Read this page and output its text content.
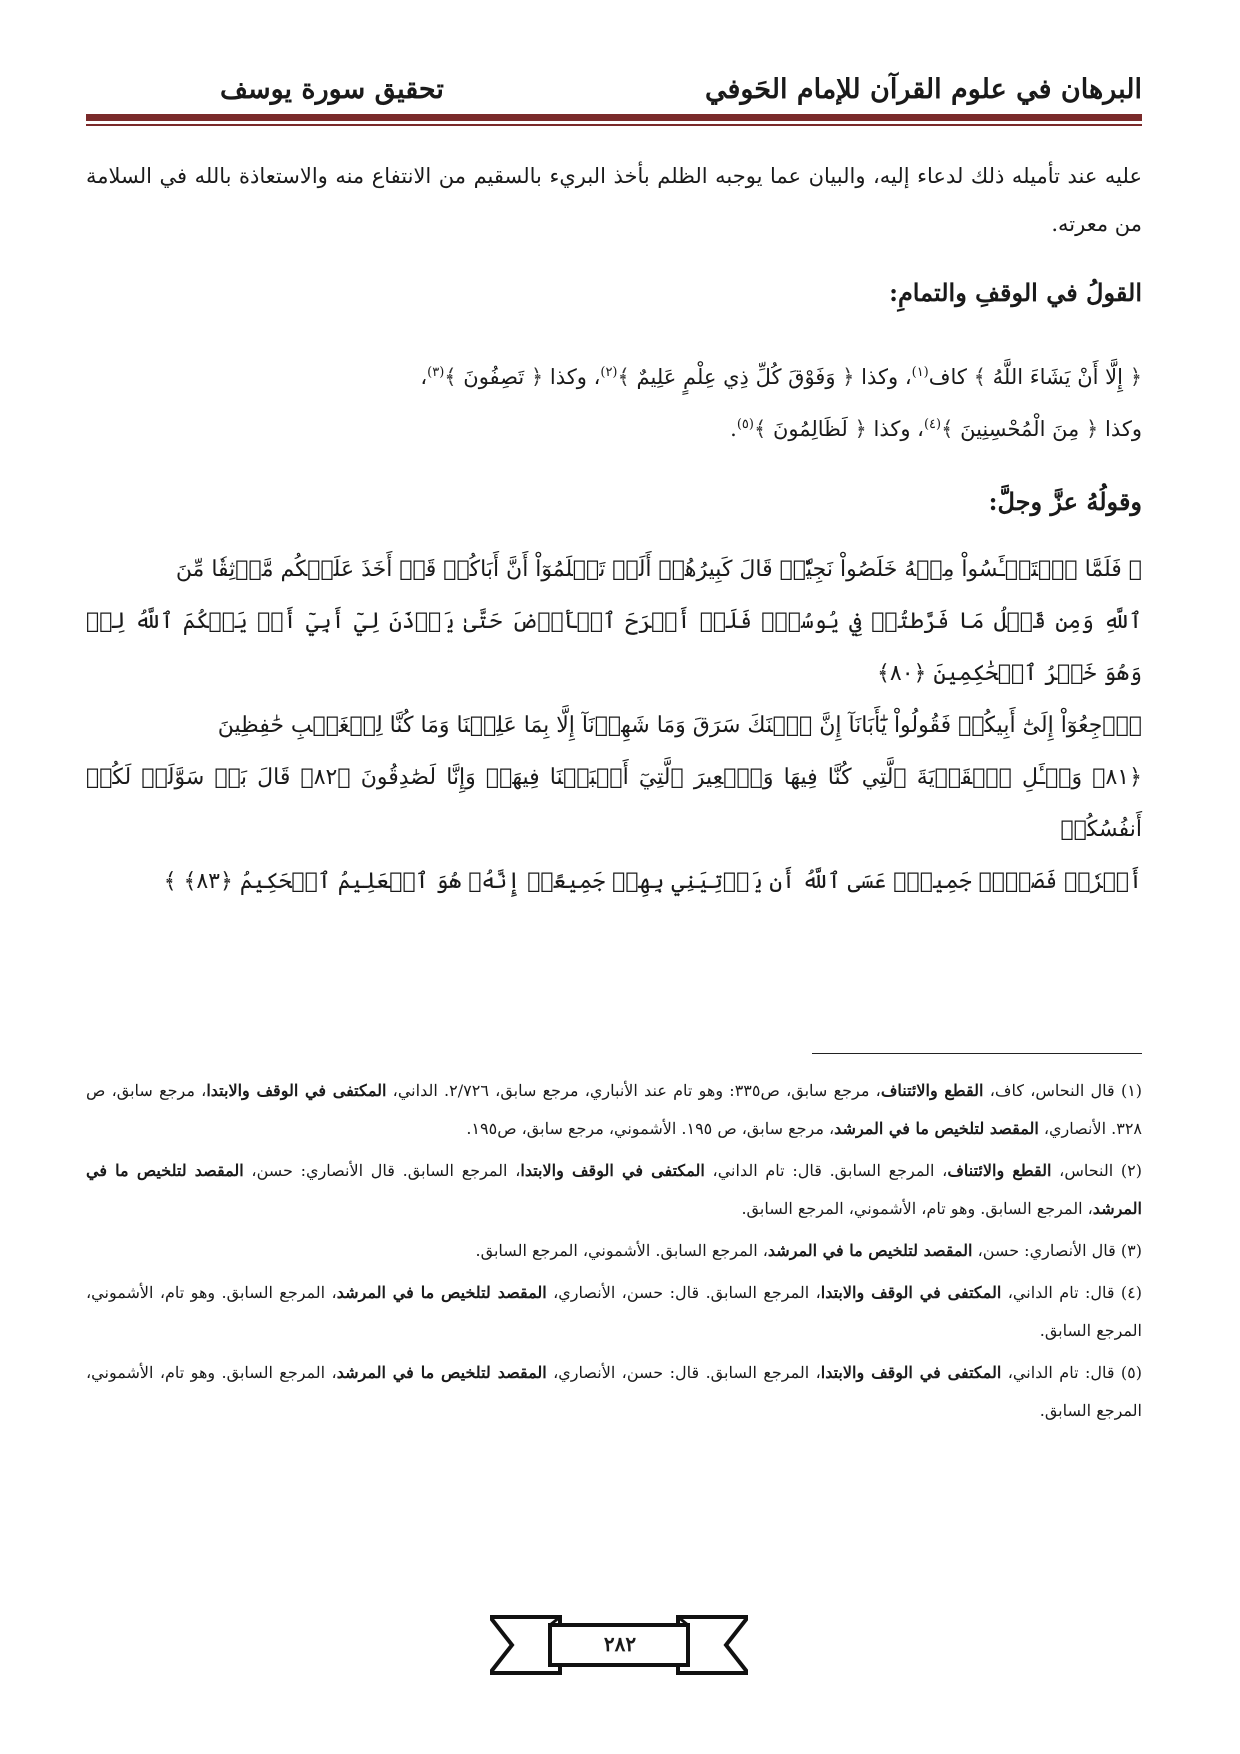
البرهان في علوم القرآن للإمام الحَوفي
تحقيق سورة يوسف

عليه عند تأميله ذلك لدعاء إليه، والبيان عما يوجبه الظلم بأخذ البريء بالسقيم من الانتفاع منه والاستعاذة بالله في السلامة من معرته.

القولُ في الوقفِ والتمامِ:

﴿ إِلَّا أَنْ يَشَاءَ اللَّهُ ﴾ كاف$^{(١)}$، وكذا ﴿ وَفَوْقَ كُلِّ ذِي عِلْمٍ عَلِيمٌ ﴾$^{(٢)}$، وكذا ﴿ تَصِفُونَ ﴾$^{(٣)}$،
وكذا ﴿ مِنَ الْمُحْسِنِينَ ﴾$^{(٤)}$، وكذا ﴿ لَظَالِمُونَ ﴾$^{(٥)}$.

وقولُهُ عزَّ وجلَّ:
﴿ فَلَمَّا ٱسۡتَيۡـَٔسُواْ مِنۡهُ خَلَصُواْ نَجِيّٗاۖ قَالَ كَبِيرُهُمۡ أَلَمۡ تَعۡلَمُوٓاْ أَنَّ أَبَاكُمۡ قَدۡ أَخَذَ عَلَيۡكُم مَّوۡثِقٗا مِّنَ
ٱللَّهِ وَمِن قَبۡلُ مَا فَرَّطتُمۡ فِي يُوسُفَۖ فَلَنۡ أَبۡرَحَ ٱلۡأَرۡضَ حَتَّىٰ يَأۡذَنَ لِيٓ أَبِيٓ أَوۡ يَحۡكُمَ ٱللَّهُ لِيۖ وَهُوَ خَيۡرُ ٱلۡحَٰكِمِينَ ﴿٨٠﴾
ٱرۡجِعُوٓاْ إِلَىٰٓ أَبِيكُمۡ فَقُولُواْ يَٰٓأَبَانَآ إِنَّ ٱبۡنَكَ سَرَقَ وَمَا شَهِدۡنَآ إِلَّا بِمَا عَلِمۡنَا وَمَا كُنَّا لِلۡغَيۡبِ حَٰفِظِينَ
﴿٨١﴾ وَسۡـَٔلِ ٱلۡقَرۡيَةَ ٱلَّتِي كُنَّا فِيهَا وَٱلۡعِيرَ ٱلَّتِيٓ أَقۡبَلۡنَا فِيهَاۖ وَإِنَّا لَصَٰدِقُونَ ﴿٨٢﴾ قَالَ بَلۡ سَوَّلَتۡ لَكُمۡ أَنفُسُكُمۡ
أَمۡرٗاۖ فَصَبۡرٞ جَمِيلٌۖ عَسَى ٱللَّهُ أَن يَأۡتِيَنِي بِهِمۡ جَمِيعًاۚ إِنَّهُۥ هُوَ ٱلۡعَلِيمُ ٱلۡحَكِيمُ ﴿٨٣﴾ ﴾

(١) قال النحاس، كاف، القطع والائتناف، مرجع سابق، ص٣٣٥: وهو تام عند الأنباري، مرجع سابق، ٢/٧٢٦. الداني، المكتفى في الوقف والابتدا، مرجع سابق، ص ٣٢٨. الأنصاري، المقصد لتلخيص ما في المرشد، مرجع سابق، ص ١٩٥. الأشموني، مرجع سابق، ص١٩٥.

(٢) النحاس، القطع والائتناف، المرجع السابق. قال: تام الداني، المكتفى في الوقف والابتدا، المرجع السابق. قال الأنصاري: حسن، المقصد لتلخيص ما في المرشد، المرجع السابق. وهو تام، الأشموني، المرجع السابق.

(٣) قال الأنصاري: حسن، المقصد لتلخيص ما في المرشد، المرجع السابق. الأشموني، المرجع السابق.

(٤) قال: تام الداني، المكتفى في الوقف والابتدا، المرجع السابق. قال: حسن، الأنصاري، المقصد لتلخيص ما في المرشد، المرجع السابق. وهو تام، الأشموني، المرجع السابق.

(٥) قال: تام الداني، المكتفى في الوقف والابتدا، المرجع السابق. قال: حسن، الأنصاري، المقصد لتلخيص ما في المرشد، المرجع السابق. وهو تام، الأشموني، المرجع السابق.

٢٨٢
